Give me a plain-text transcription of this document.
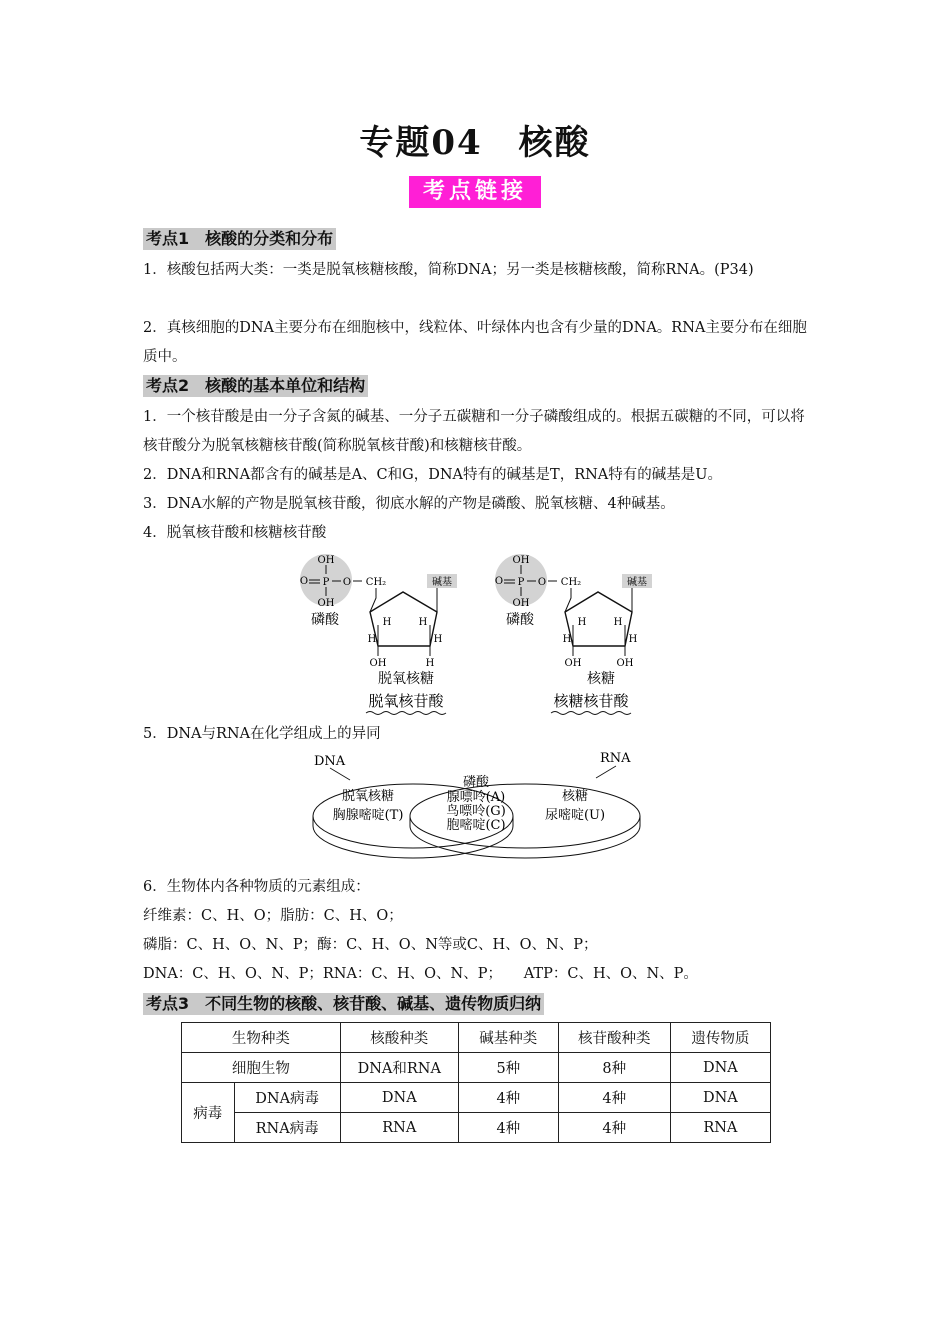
专题04　核酸
考点链接
考点1　核酸的分类和分布

1．核酸包括两大类：一类是脱氧核糖核酸，简称DNA；另一类是核糖核酸，简称RNA。(P34)

2．真核细胞的DNA主要分布在细胞核中，线粒体、叶绿体内也含有少量的DNA。RNA主要分布在细胞质中。

考点2　核酸的基本单位和结构

1．一个核苷酸是由一分子含氮的碱基、一分子五碳糖和一分子磷酸组成的。根据五碳糖的不同，可以将核苷酸分为脱氧核糖核苷酸(简称脱氧核苷酸)和核糖核苷酸。

2．DNA和RNA都含有的碱基是A、C和G，DNA特有的碱基是T，RNA特有的碱基是U。

3．DNA水解的产物是脱氧核苷酸，彻底水解的产物是磷酸、脱氧核糖、4种碱基。

4．脱氧核苷酸和核糖核苷酸

OH
O P O CH₂
OH
磷酸
碱基
H	H
H	H
OH	H
脱氧核糖
脱氧核苷酸
OH
O P O CH₂
OH
磷酸
碱基
H	H
H	H
OH	OH
核糖
核糖核苷酸

5．DNA与RNA在化学组成上的异同

DNA	RNA
脱氧核糖
胸腺嘧啶(T)
磷酸
腺嘌呤(A)
鸟嘌呤(G)
胞嘧啶(C)
核糖
尿嘧啶(U)

6．生物体内各种物质的元素组成：

纤维素：C、H、O；脂肪：C、H、O；

磷脂：C、H、O、N、P；酶：C、H、O、N等或C、H、O、N、P；

DNA：C、H、O、N、P；RNA：C、H、O、N、P；　　ATP：C、H、O、N、P。

考点3　不同生物的核酸、核苷酸、碱基、遗传物质归纳
生物种类		核酸种类	碱基种类	核苷酸种类	遗传物质
细胞生物		DNA和RNA	5种	8种	DNA
病毒	DNA病毒	DNA	4种	4种	DNA
	RNA病毒	RNA	4种	4种	RNA
